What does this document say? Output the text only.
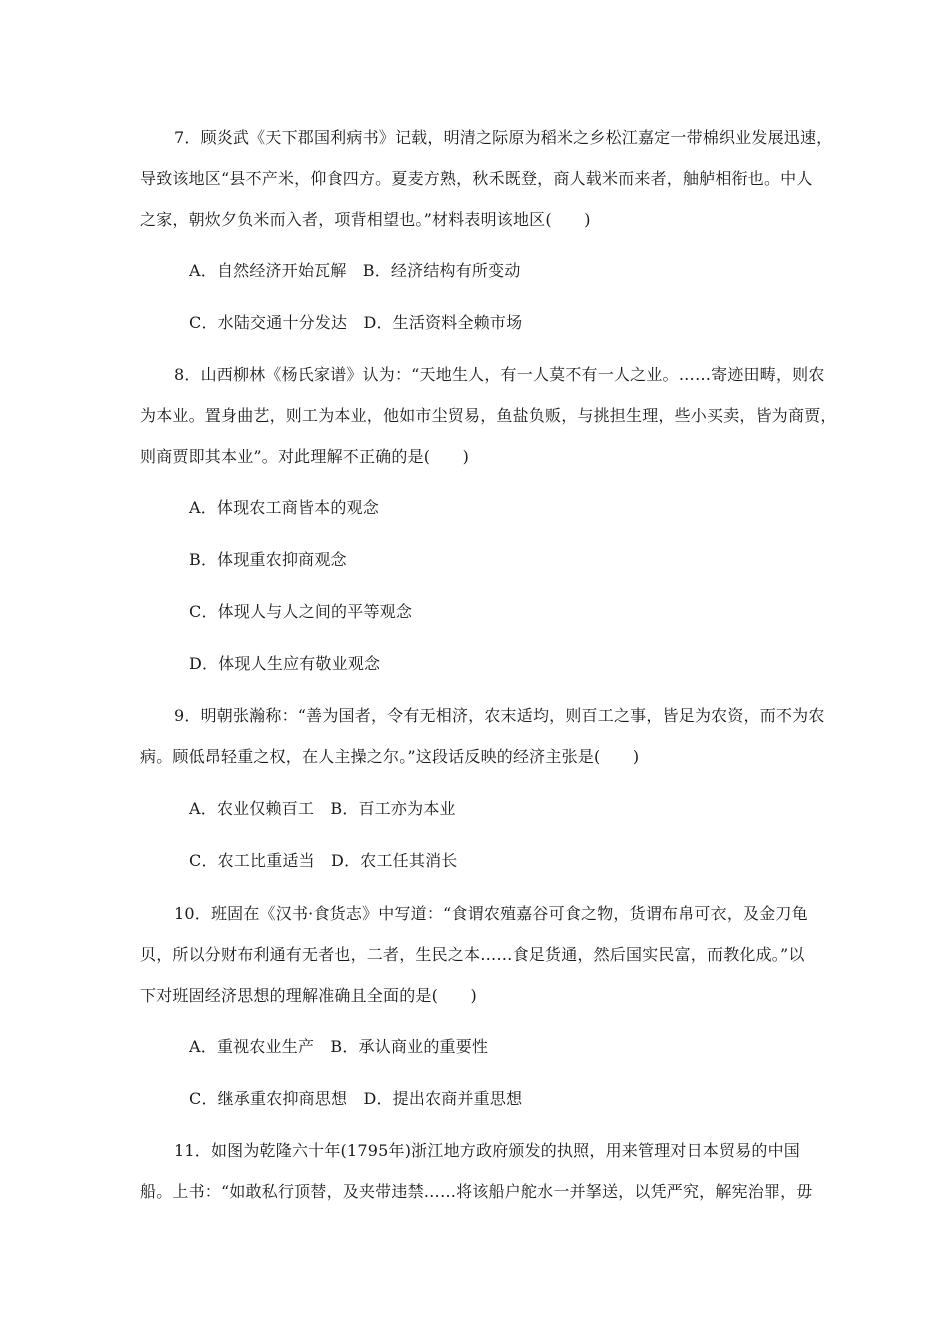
7．顾炎武《天下郡国利病书》记载，明清之际原为稻米之乡松江嘉定一带棉织业发展迅速，
导致该地区“县不产米，仰食四方。夏麦方熟，秋禾既登，商人载米而来者，舳舻相衔也。中人
之家，朝炊夕负米而入者，项背相望也。”材料表明该地区(　　)
A．自然经济开始瓦解　B．经济结构有所变动
C．水陆交通十分发达　D．生活资料全赖市场
8．山西柳林《杨氏家谱》认为：“天地生人，有一人莫不有一人之业。……寄迹田畴，则农
为本业。置身曲艺，则工为本业，他如市尘贸易，鱼盐负贩，与挑担生理，些小买卖，皆为商贾，
则商贾即其本业”。对此理解不正确的是(　　)
A．体现农工商皆本的观念
B．体现重农抑商观念
C．体现人与人之间的平等观念
D．体现人生应有敬业观念
9．明朝张瀚称：“善为国者，令有无相济，农末适均，则百工之事，皆足为农资，而不为农
病。顾低昂轻重之权，在人主操之尔。”这段话反映的经济主张是(　　)
A．农业仅赖百工　B．百工亦为本业
C．农工比重适当　D．农工任其消长
10．班固在《汉书·食货志》中写道：“食谓农殖嘉谷可食之物，货谓布帛可衣，及金刀龟
贝，所以分财布利通有无者也，二者，生民之本……食足货通，然后国实民富，而教化成。”以
下对班固经济思想的理解准确且全面的是(　　)
A．重视农业生产　B．承认商业的重要性
C．继承重农抑商思想　D．提出农商并重思想
11．如图为乾隆六十年(1795年)浙江地方政府颁发的执照，用来管理对日本贸易的中国
船。上书：“如敢私行顶替，及夹带违禁……将该船户舵水一并拏送，以凭严究，解宪治罪，毋
